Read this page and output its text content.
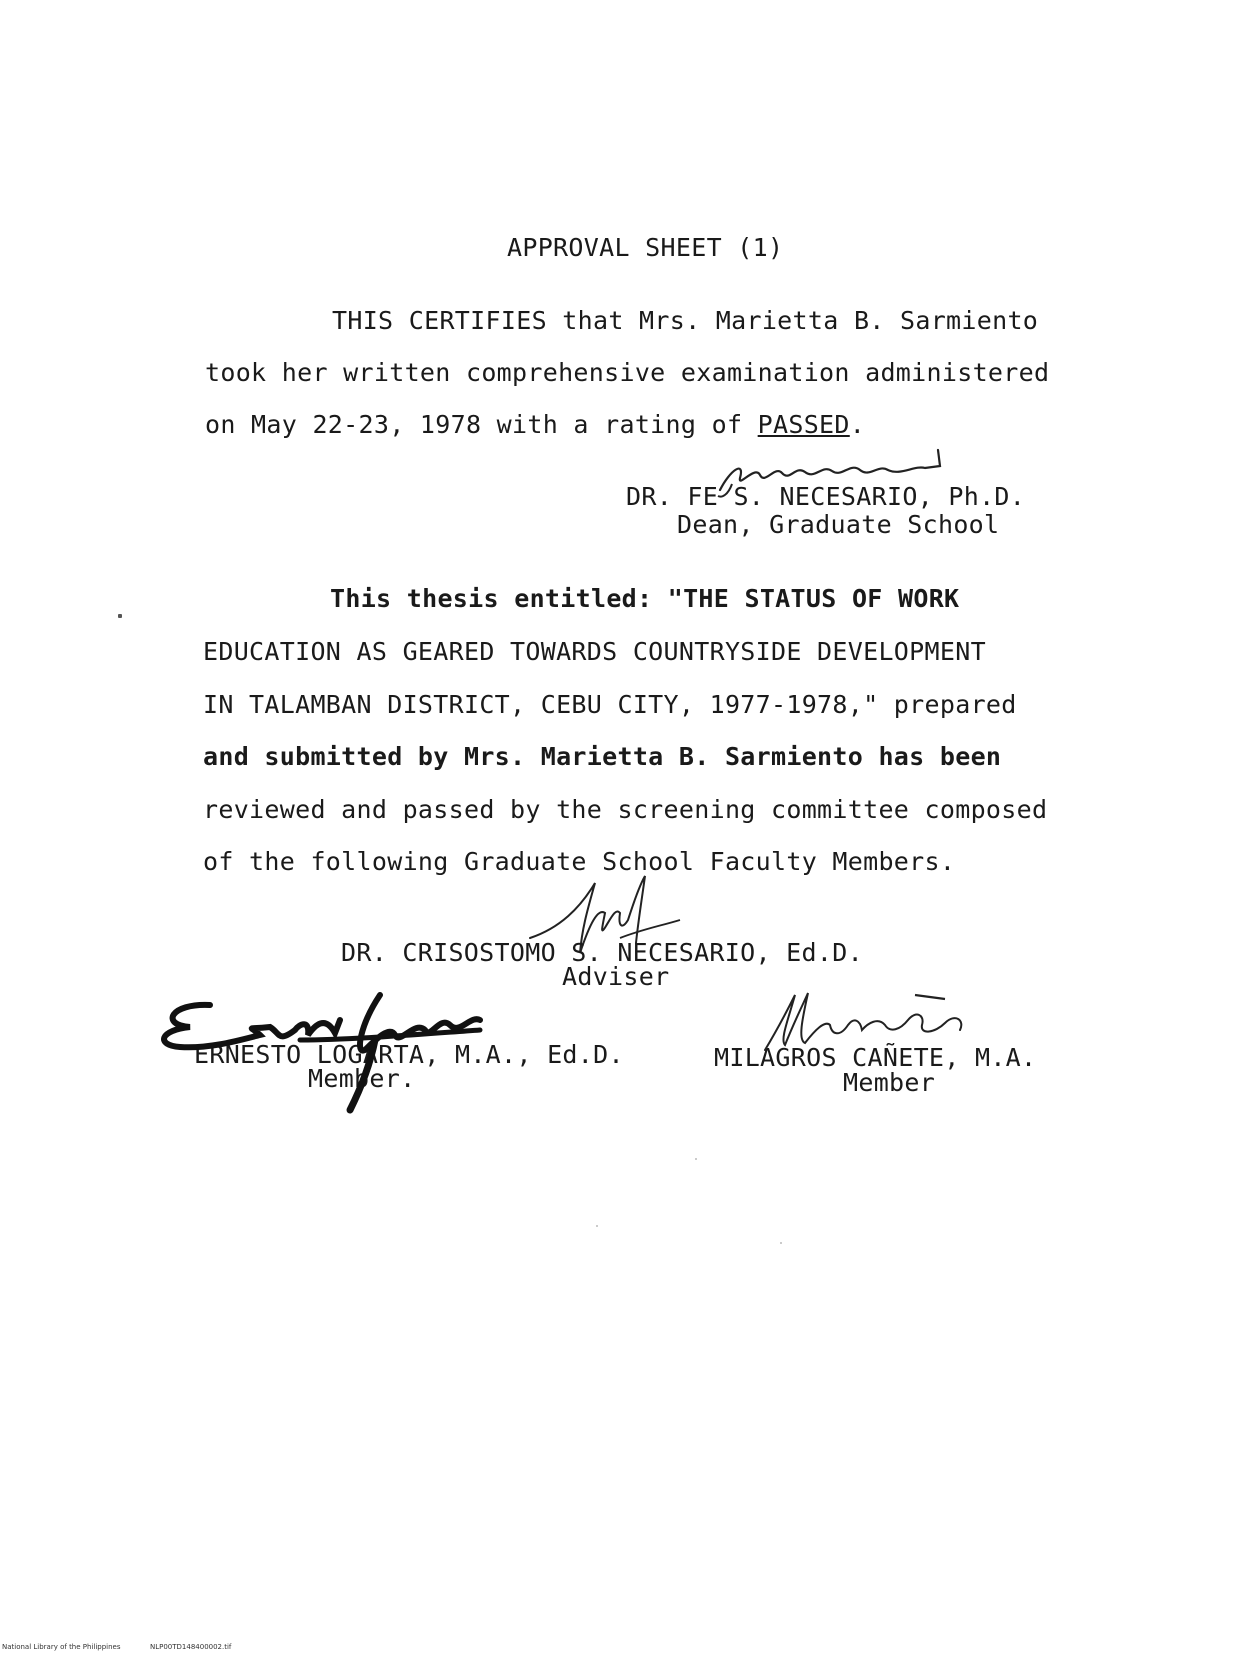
APPROVAL SHEET (1)
THIS CERTIFIES that Mrs. Marietta B. Sarmiento
took her written comprehensive examination administered
on May 22-23, 1978 with a rating of PASSED.
DR. FE S. NECESARIO, Ph.D.
Dean, Graduate School
This thesis entitled: "THE STATUS OF WORK
EDUCATION AS GEARED TOWARDS COUNTRYSIDE DEVELOPMENT
IN TALAMBAN DISTRICT, CEBU CITY, 1977-1978," prepared
and submitted by Mrs. Marietta B. Sarmiento has been
reviewed and passed by the screening committee composed
of the following Graduate School Faculty Members.
DR. CRISOSTOMO S. NECESARIO, Ed.D.
Adviser
ERNESTO LOGARTA, M.A., Ed.D.
Member.
MILAGROS CAÑETE, M.A.
Member
National Library of the Philippines	NLP00TD148400002.tif
